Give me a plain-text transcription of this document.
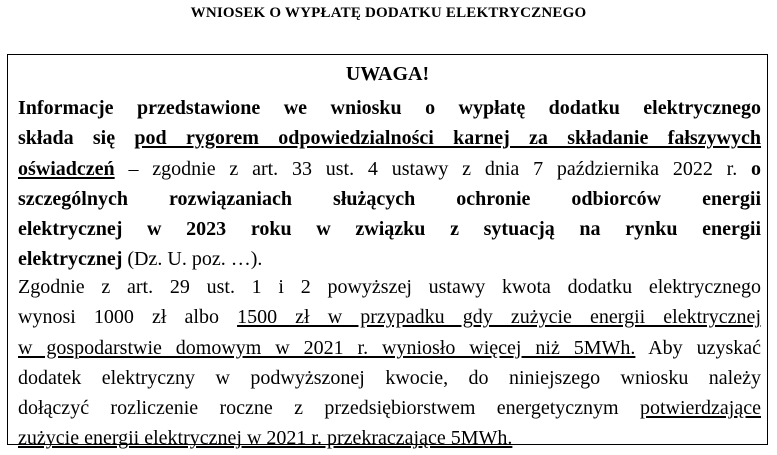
WNIOSEK O WYPŁATĘ DODATKU ELEKTRYCZNEGO
UWAGA!
Informacje przedstawione we wniosku o wypłatę dodatku elektrycznego
składa się pod rygorem odpowiedzialności karnej za składanie fałszywych
oświadczeń – zgodnie z art. 33 ust. 4 ustawy z dnia 7 października 2022 r. o
szczególnych rozwiązaniach służących ochronie odbiorców energii
elektrycznej w 2023 roku w związku z sytuacją na rynku energii
elektrycznej (Dz. U. poz. …).
Zgodnie z art. 29 ust. 1 i 2 powyższej ustawy kwota dodatku elektrycznego
wynosi 1000 zł albo 1500 zł w przypadku gdy zużycie energii elektrycznej
w gospodarstwie domowym w 2021 r. wyniosło więcej niż 5MWh. Aby uzyskać
dodatek elektryczny w podwyższonej kwocie, do niniejszego wniosku należy
dołączyć rozliczenie roczne z przedsiębiorstwem energetycznym potwierdzające
zużycie energii elektrycznej w 2021 r. przekraczające 5MWh.
